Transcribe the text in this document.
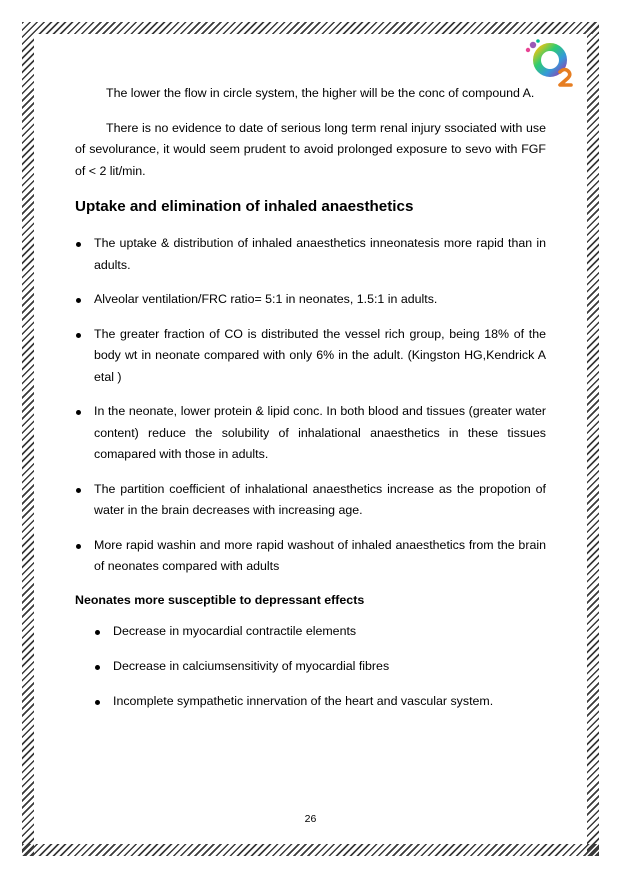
The lower the flow in circle system, the higher will be the conc of compound A.

There is no evidence to date of serious long term renal injury ssociated with use of sevolurance, it would seem prudent to avoid prolonged exposure to sevo with FGF of < 2 lit/min.

Uptake and elimination of inhaled anaesthetics

The uptake & distribution of inhaled anaesthetics inneonatesis more rapid than in adults.

Alveolar ventilation/FRC ratio= 5:1 in neonates, 1.5:1 in adults.

The greater fraction of CO is distributed the vessel rich group, being 18% of the body wt in neonate compared with only 6% in the adult. (Kingston HG,Kendrick A etal )

In the neonate, lower protein & lipid conc. In both blood and tissues (greater water content) reduce the solubility of inhalational anaesthetics in these tissues comapared with those in adults.

The partition coefficient of inhalational anaesthetics increase as the propotion of water in the brain decreases with increasing age.

More rapid washin and more rapid washout of inhaled anaesthetics from the brain of neonates compared with adults

Neonates more susceptible to depressant effects

Decrease in myocardial contractile elements

Decrease in calciumsensitivity of myocardial fibres

Incomplete sympathetic innervation of the heart and vascular system.

26
